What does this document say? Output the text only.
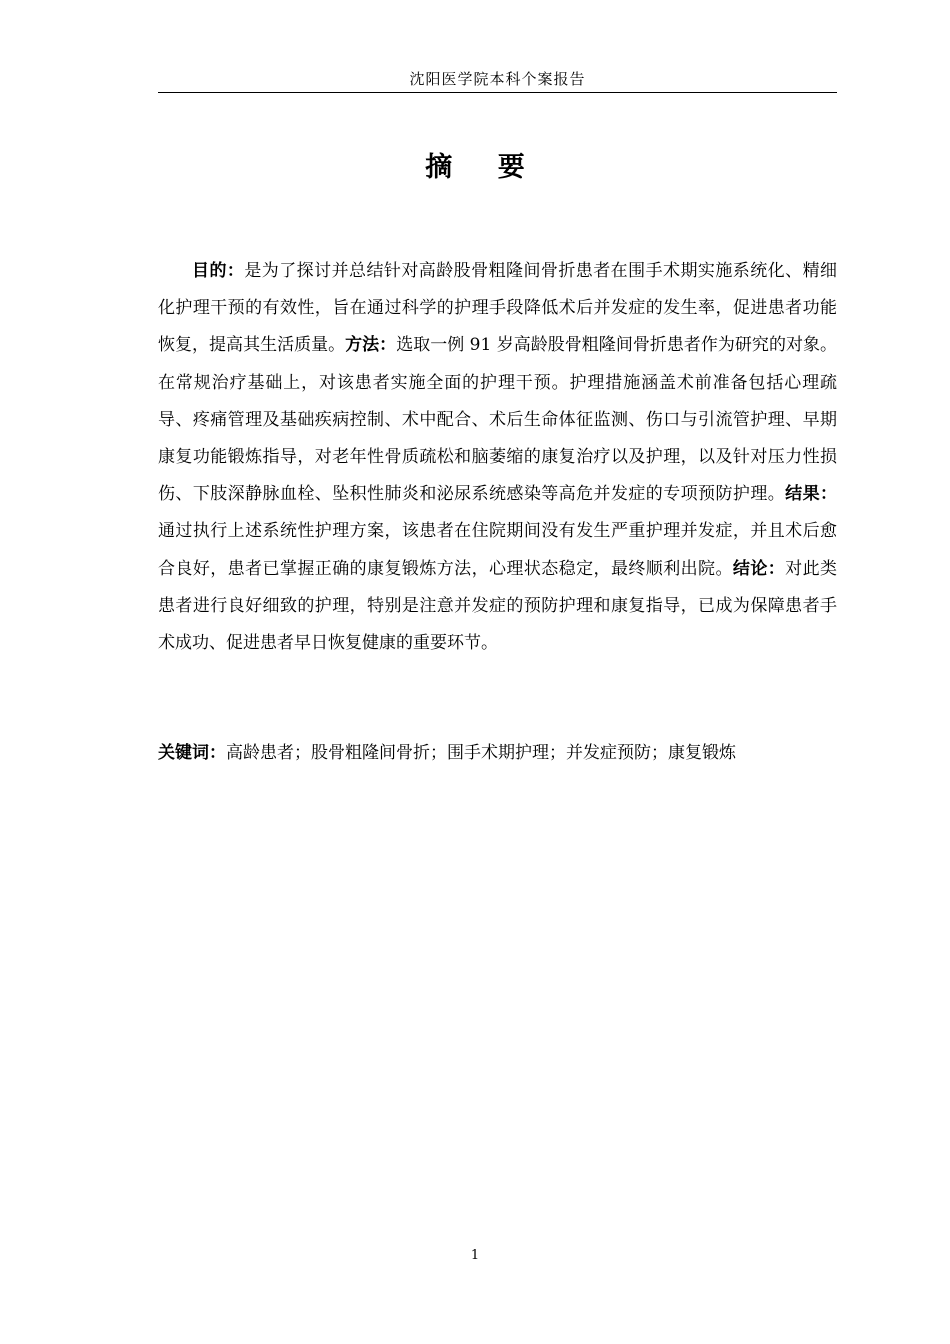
沈阳医学院本科个案报告
摘 要

目的：是为了探讨并总结针对高龄股骨粗隆间骨折患者在围手术期实施系统化、精细化护理干预的有效性，旨在通过科学的护理手段降低术后并发症的发生率，促进患者功能恢复，提高其生活质量。方法：选取一例 91 岁高龄股骨粗隆间骨折患者作为研究的对象。在常规治疗基础上，对该患者实施全面的护理干预。护理措施涵盖术前准备包括心理疏导、疼痛管理及基础疾病控制、术中配合、术后生命体征监测、伤口与引流管护理、早期康复功能锻炼指导，对老年性骨质疏松和脑萎缩的康复治疗以及护理，以及针对压力性损伤、下肢深静脉血栓、坠积性肺炎和泌尿系统感染等高危并发症的专项预防护理。结果：通过执行上述系统性护理方案，该患者在住院期间没有发生严重护理并发症，并且术后愈合良好，患者已掌握正确的康复锻炼方法，心理状态稳定，最终顺利出院。结论：对此类患者进行良好细致的护理，特别是注意并发症的预防护理和康复指导，已成为保障患者手术成功、促进患者早日恢复健康的重要环节。

关键词：高龄患者；股骨粗隆间骨折；围手术期护理；并发症预防；康复锻炼

1
